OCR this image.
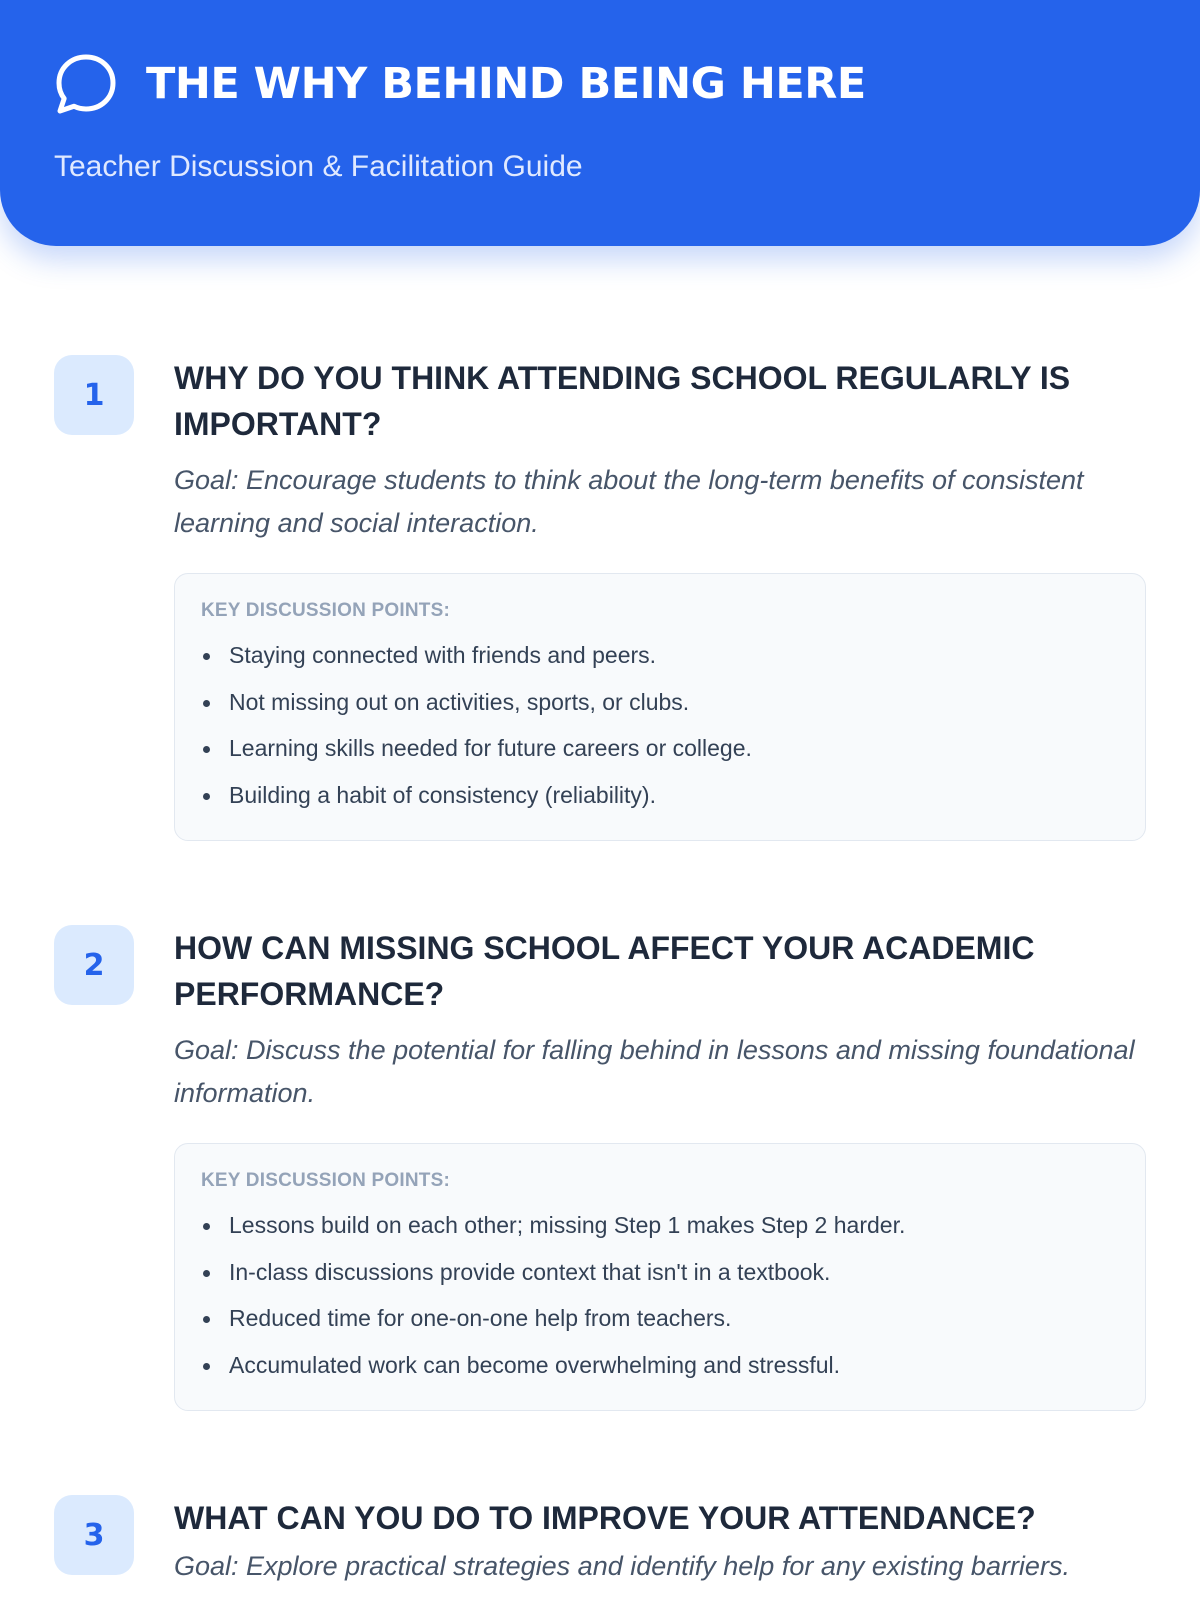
THE WHY BEHIND BEING HERE
Teacher Discussion & Facilitation Guide
1	WHY DO YOU THINK ATTENDING SCHOOL REGULARLY IS IMPORTANT?

Goal: Encourage students to think about the long-term benefits of consistent learning and social interaction.

KEY DISCUSSION POINTS:
Staying connected with friends and peers.
Not missing out on activities, sports, or clubs.
Learning skills needed for future careers or college.
Building a habit of consistency (reliability).
2	HOW CAN MISSING SCHOOL AFFECT YOUR ACADEMIC PERFORMANCE?

Goal: Discuss the potential for falling behind in lessons and missing foundational information.

KEY DISCUSSION POINTS:
Lessons build on each other; missing Step 1 makes Step 2 harder.
In-class discussions provide context that isn't in a textbook.
Reduced time for one-on-one help from teachers.
Accumulated work can become overwhelming and stressful.
3	WHAT CAN YOU DO TO IMPROVE YOUR ATTENDANCE?

Goal: Explore practical strategies and identify help for any existing barriers.
